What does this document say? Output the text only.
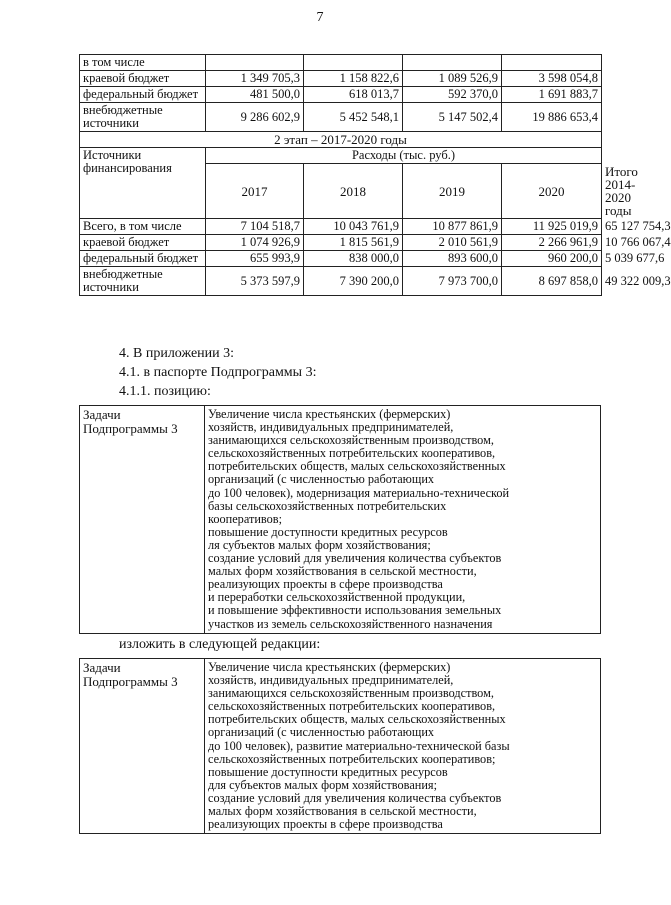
7
в том числе					
краевой бюджет	1 349 705,3	1 158 822,6	1 089 526,9	3 598 054,8	
федеральный бюджет	481 500,0	618 013,7	592 370,0	1 691 883,7	
внебюджетные источники	9 286 602,9	5 452 548,1	5 147 502,4	19 886 653,4	
2 этап – 2017-2020 годы					
Источники финансирования	Расходы (тыс. руб.)				
	2017	2018	2019	2020	Итого 2014-2020 годы
Всего, в том числе	7 104 518,7	10 043 761,9	10 877 861,9	11 925 019,9	65 127 754,3
краевой бюджет	1 074 926,9	1 815 561,9	2 010 561,9	2 266 961,9	10 766 067,4
федеральный бюджет	655 993,9	838 000,0	893 600,0	960 200,0	5 039 677,6
внебюджетные источники	5 373 597,9	7 390 200,0	7 973 700,0	8 697 858,0	49 322 009,3
4. В приложении 3:
4.1. в паспорте Подпрограммы 3:
4.1.1. позицию:
Задачи Подпрограммы 3	
Увеличение числа крестьянских (фермерских)
хозяйств, индивидуальных предпринимателей,
занимающихся сельскохозяйственным производством,
сельскохозяйственных потребительских кооперативов,
потребительских обществ, малых сельскохозяйственных
организаций (с численностью работающих
до 100 человек), модернизация материально-технической
базы сельскохозяйственных потребительских
кооперативов;
повышение доступности кредитных ресурсов
ля субъектов малых форм хозяйствования;
создание условий для увеличения количества субъектов
малых форм хозяйствования в сельской местности,
реализующих проекты в сфере производства
и переработки сельскохозяйственной продукции,
и повышение эффективности использования земельных
участков из земель сельскохозяйственного назначения
изложить в следующей редакции:
Задачи Подпрограммы 3	
Увеличение числа крестьянских (фермерских)
хозяйств, индивидуальных предпринимателей,
занимающихся сельскохозяйственным производством,
сельскохозяйственных потребительских кооперативов,
потребительских обществ, малых сельскохозяйственных
организаций (с численностью работающих
до 100 человек), развитие материально-технической базы
сельскохозяйственных потребительских кооперативов;
повышение доступности кредитных ресурсов
для субъектов малых форм хозяйствования;
создание условий для увеличения количества субъектов
малых форм хозяйствования в сельской местности,
реализующих проекты в сфере производства
